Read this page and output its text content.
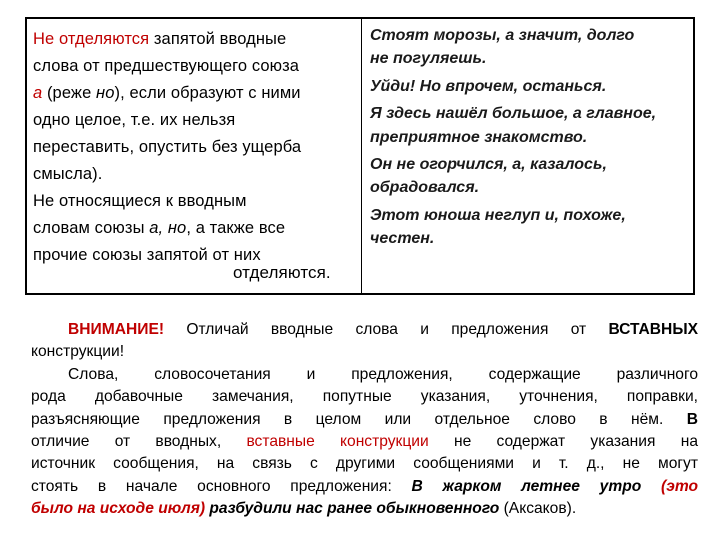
Не отделяются запятой вводные
слова от предшествующего союза
а (реже но), если образуют с ними
одно целое, т.е. их нельзя
переставить, опустить без ущерба
смысла).
Не относящиеся к вводным
словам союзы а, но, а также все
прочие союзы запятой от них
отделяются.
Стоят морозы, а значит, долго
не погуляешь.
Уйди! Но впрочем, останься.
Я здесь нашёл большое, а главное,
преприятное знакомство.
Он не огорчился, а, казалось,
обрадовался.
Этот юноша неглуп и, похоже,
честен.
ВНИМАНИЕ! Отличай вводные слова и предложения от ВСТАВНЫХ
конструкции!
Слова, словосочетания и предложения, содержащие различного
рода добавочные замечания, попутные указания, уточнения, поправки,
разъясняющие предложения в целом или отдельное слово в нём. В
отличие от вводных, вставные конструкции не содержат указания на
источник сообщения, на связь с другими сообщениями и т. д., не могут
стоять в начале основного предложения: В жарком летнее утро (это
было на исходе июля) разбудили нас ранее обыкновенного (Аксаков).
